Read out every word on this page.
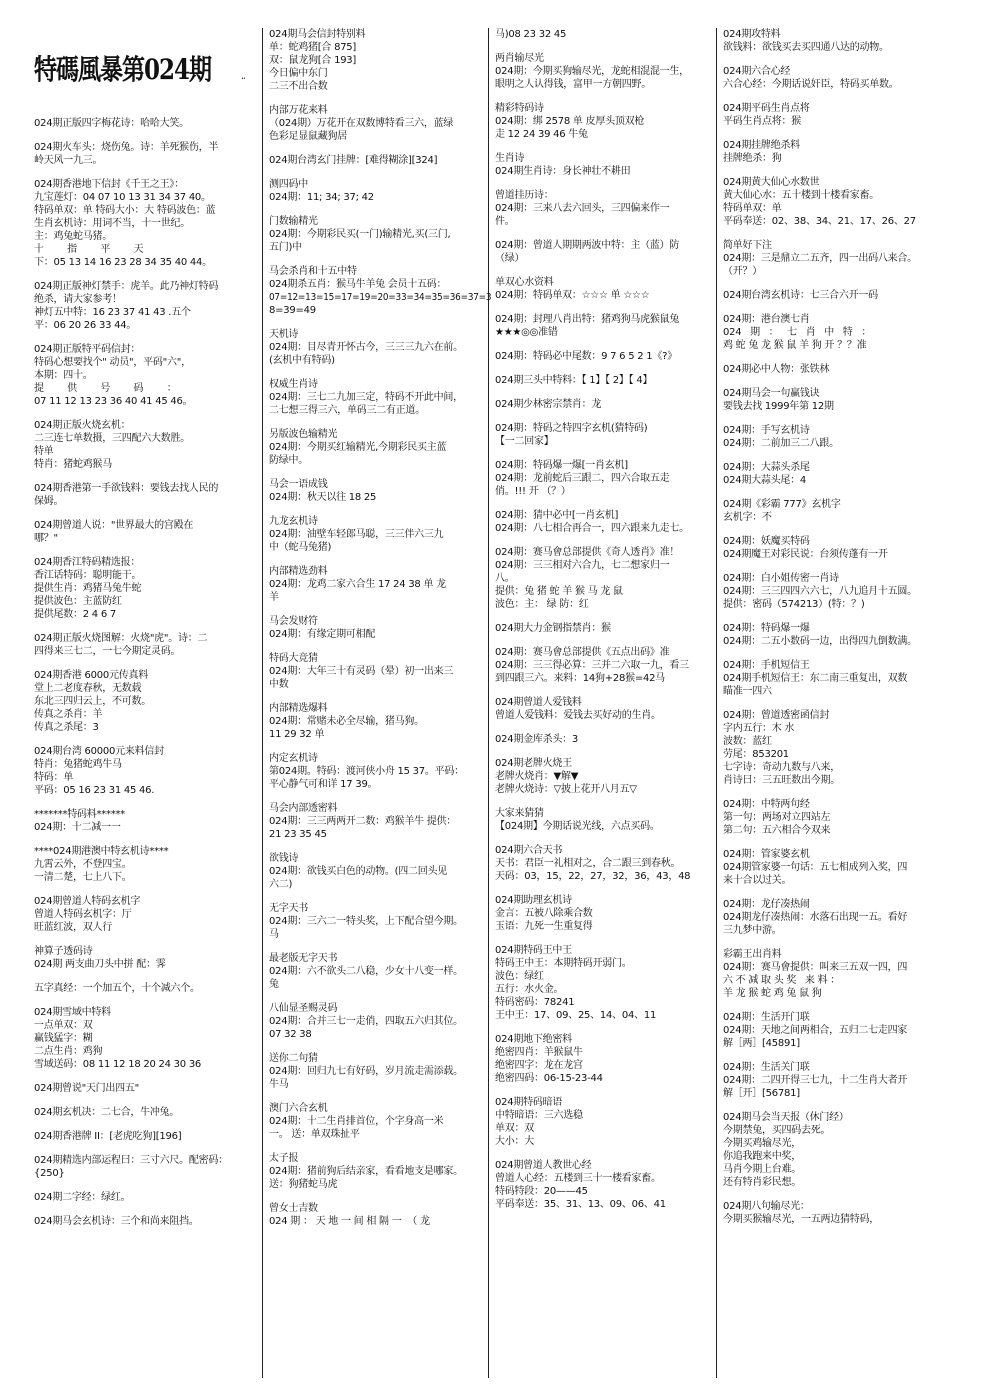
特碼風暴第024期	..
024期正版四字梅花诗：哈哈大笑。
024期火车头：烧伤兔。诗：羊死猴伤，半
岭天风一九三。
024期香港地下信封《千王之王》：
九宝莲灯：04 07 10 13 31 34 37 40。
特码单双：单 特码大小：大 特码波色：蓝
生肖玄机诗：用词不当，十一世纪。
主：鸡兔蛇马猪。
十        指        平        天
下：05 13 14 16 23 28 34 35 40 44。
024期正版神灯禁手：虎羊。此乃神灯特码
绝杀，请大家参考！
神灯五中特：16 23 37 41 43 .五个
平：06 20 26 33 44。
024期正版特平码信封：
特码心想要找个" 动员"，平码"六"，
本期：四十。
提        供        号        码        ：
07 11 12 13 23 36 40 41 45 46。
024期正版火烧玄机：
二三连七单数摄，三四配六大数胜。
特单
特肖：猪蛇鸡猴马
024期香港第一手欲钱料：要钱去找人民的
保姆。
024期曾道人说："世界最大的宫殿在
哪？"
024期香江特码精选报：
香江话特码：聪明能干。
提供生肖：鸡猪马兔牛蛇
提供波色：主蓝防红
提供尾数：2 4 6 7
024期正版火烧图解：火烧"虎"。诗：二
四得来三七二，一七今期定灵码。
024期香港 6000元传真料
堂上二老度春秋，无数载
东北三四归云上，不可数。
传真之杀肖：羊
传真之杀尾：3
024期台湾 60000元来料信封
特肖：兔猪蛇鸡牛马
特码：单
平码：05 16 23 31 45 46.
*******特码料******
024期：十二减一一
****024期港澳中特玄机诗****
九霄云外，不登四宝。
一清二楚，七上八下。
024期曾道人特码玄机字
曾道人特码玄机字：厅
旺蓝红波，双人行
神算子透码诗
024期 两支曲刀头中拼 配：霁
五字真经：一个加五个，十个减六个。
024期雪域中特料
一点单双：双
赢钱猛字：糊
二点生肖：鸡狗
雪域送码：08 11 12 18 20 24 30 36
024期曾说"天门出四五"
024期玄机决：二七合，牛冲兔。
024期香港牌 II：[老虎吃狗][196]
024期精选内部运程曰：三寸六尺。配密码：
{250}
024期二字经：绿红。
024期马会玄机诗：三个和尚来阻挡。
024期马会信封特别料
单：蛇鸡猪[合 875]
双：鼠龙狗[合 193]
今日偏中东门
二三不出合数
内部万花来料
（024期）万花开在双数博特看三六，蓝绿
色彩足显鼠藏狗居
024期台湾玄门挂牌：[难得糊涂][324]
测四码中
024期：11; 34; 37; 42
门数输精光
024期：今期彩民买(一门)输精光,买(三门,
五门)中
马会杀肖和十五中特
024期杀五肖：猴马牛羊兔 会员十五码：
07=12=13=15=17=19=20=33=34=35=36=37=3
8=39=49
天机诗
024期：目尽青开怀古今，三三三九六在前。
(玄机中有特码)
权威生肖诗
024期：三七二九加三定，特码不开此中间，
二七想三得三六，单码三二有正道。
另版波色输精光
024期：今期买红输精光,今期彩民买主蓝
防绿中。
马会一语成钱
024期：秋天以往 18 25
九龙玄机诗
024期：油壁车轻郎马聪，三三伴六三九
中（蛇马兔猪)
内部精选劲料
024期：龙鸡二家六合生 17 24 38 单 龙
羊
马会发财符
024期：有缘定期可相配
特码大竞猜
024期：大年三十有灵码（晕）初一出来三
中数
内部精选爆料
024期：常赌未必全尽输，猪马狗。
11 29 32 单
内定玄机诗
第024期。特码：渡河侠小舟 15 37。平码：
平心静气可和详 17 39。
马会内部透密料
024期：三三两两开二数：鸡猴羊牛 提供：
21 23 35 45
欲钱诗
024期：欲钱买白色的动物。(四二回头见
六二)
无字天书
024期：三六二一特头奖，上下配合望今期。
马
最老版无字天书
024期：六不欲头二八稳，少女十八变一样。
兔
八仙显圣赐灵码
024期：合并三七一走俏，四取五六归其位。
07 32 38
送你二句猜
024期：回归九七有好码，岁月流走需添载。
牛马
澳门六合玄机
024期：十二生肖排首位，个字身高一米
一。 送：单双珠扯平
太子报
024期：猪前狗后结亲家，看看地支是哪家。
送：狗猪蛇马虎
曾女士吉数
024 期 ： 天 地 一 间 相 隔 一  （ 龙
马)08 23 32 45
两肖输尽光
024期：今期买狗输尽光，龙蛇相混混一生，
眼明之人认得钱，富甲一方朝四野。
精彩特码诗
024期：绑 2578 单 皮厚头顶双枪
走 12 24 39 46 牛兔
生肖诗
024期生肖诗：身长神壮不耕田
曾道挂历诗：
024期：三来八去六回头，三四偏来作一
件。
024期：曾道人期期两波中特：主（蓝）防
（绿）
单双心水资料
024期：特码单双：☆☆☆ 单 ☆☆☆
024期：封理八肖出特：猪鸡狗马虎猴鼠兔
★★★◎◎准错
024期：特码必中尾数：9 7 6 5 2 1《?》
024期三头中特料：【 1】【 2】【 4】
024期少林密宗禁肖：龙
024期：特码之特四字玄机(猜特码)
【一二回家】
024期：特码爆一爆[一肖玄机]
024期：龙前蛇后三跟二，四六合取五走
俏。!!! 开 （？）
024期：猜中必中[一肖玄机]
024期：八七相合再合一，四六跟来九走七。
024期：赛马會总部提供《奇人透肖》准！
024期：三三相对六合九，七二想家归一
八。
提供：兔 猪 蛇 羊 猴 马 龙 鼠
波色：主： 绿 防：红
024期大力金钢指禁肖：猴
024期：赛马會总部提供《五点出码》准
024期：三三得必算：三并二六取一九，看三
到四跟三六。来料：14狗+28猴=42马
024期曾道人爱钱料
曾道人爱钱料：爱钱去买好动的生肖。
024期金库杀头：3
024期老牌火烧王
老牌火烧肖：▼解▼
老牌火烧诗：▽披上花开八月五▽
大家来猜猜
【024期】今期话说光线，六点买码。
024期六合天书
天书：君臣一礼相对之，合二跟三到春秋。
天码：03，15，22，27，32，36，43，48
024期助理玄机诗
金言：五被八除乘合数
玉语：九死一生重复得
024期特码王中王
特码王中王：本期特码开弱门。
波色：绿红
五行：水火金。
特码密码：78241
王中王：17、09、25、14、04、11
024期地下绝密料
绝密四肖：羊猴鼠牛
绝密四字：龙在龙宫
绝密四码：06-15-23-44
024期特码暗语
中特暗语：三六选稳
单双：双
大小：大
024期曾道人教世心经
曾道人心经：五楼到三十一楼看家畜。
特码特段：20——45
平码奉送：35、31、13、09、06、41
024期攻特料
欲钱料：欲钱买去买四通八达的动物。
024期六合心经
六合心经：今期话说奸臣，特码买单数。
024期平码生肖点将
平码生肖点将：猴
024期挂牌绝杀料
挂牌绝杀：狗
024期黄大仙心水数世
黄大仙心水：五十楼到十楼看家畜。
特码单双：单
平码奉送：02、38、34、21、17、26、27
简单好下注
024期：三是鼎立二五齐，四一出码八来合。
（开？）
024期台湾玄机诗：七三合六开一码
024期：港台澳七肖
024   期   ：   七   肖   中   特   ：
鸡 蛇 兔 龙 猴 鼠 羊 狗 开 ？？准
024期必中人物：张铁林
024期马会一句赢钱诀
要钱去找 1999年第 12期
024期：手写玄机诗
024期：二前加三二八跟。
024期：大蒜头杀尾
024期大蒜头尾：4
024期《彩霸 777》玄机字
玄机字：不
024期：妖魔买特码
024期魔王对彩民说：台须传蓬有一开
024期：白小姐传密一肖诗
024期：三三四四六六七，八九追月十五圆。
提供：密码（574213）(特：？)
024期：特码爆一爆
024期：二五小数码一边，出得四九倒数满。
024期：手机短信王
024期手机短信王：东二南三重复出，双数
瞄准一四六
024期：曾道透密函信封
字内五行：木 水
波数：蓝红
劳尾：853201
七字诗：奇动九数与八来，
肖诗曰：三五旺数出今期。
024期：中特两句经
第一句：两场对立四站左
第二句：五六相合今双来
024期：管家婆玄机
024期管家婆一句话：五七相成列入奖，四
来十合以过关。
024期：龙仔凑热闹
024期龙仔凑热闹：水落石出现一五。看好
三九梦中游。
彩霸王出肖料
024期：赛马會提供：叫来三五双一四，四
六 不 减 取 头 奖   来 料 ：
羊 龙 猴 蛇 鸡 兔 鼠 狗
024期：生活开门联
024期：天地之间两相合，五归二七走四家
解［两］[45891]
024期：生活关门联
024期：二四开得三七九，十二生肖大者开
解［开］[56781]
024期马会当天报（休门经）
今期禁兔，买四码去死。
今期买鸡输尽光，
你追我跑来中奖，
马肖今期上台难。
还有特肖彩民想。
024期八句输尽光：
今期买猴输尽光，一五两边猜特码，
